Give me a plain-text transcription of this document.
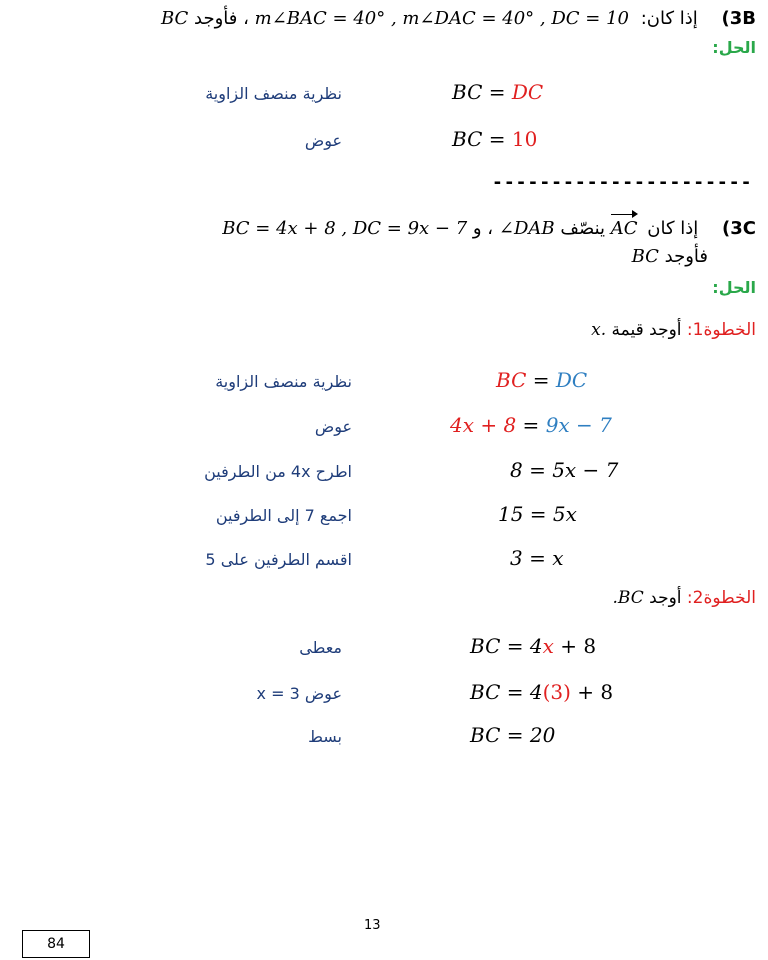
BC ، فأوجد m∠BAC = 40° , m∠DAC = 40° , DC = 10 إذا كان: (3B
الحل:
نظرية منصف الزاوية	BC = DC
عوض	BC = 10
----------------------
BC = 4x + 8 , DC = 9x − 7 ، و ∠DAB ينصّف AC إذا كان (3C
BC فأوجد
الحل:
x. أوجد قيمة الخطوة1:
نظرية منصف الزاوية	BC = DC
عوض	4x + 8 = 9x − 7
اطرح 4x من الطرفين	8 = 5x − 7
اجمع 7 إلى الطرفين	15 = 5x
اقسم الطرفين على 5	3 = x
.BC أوجد الخطوة2:
معطى	BC = 4x + 8
عوض 3 = x	BC = 4(3) + 8
بسط	BC = 20
13
84
